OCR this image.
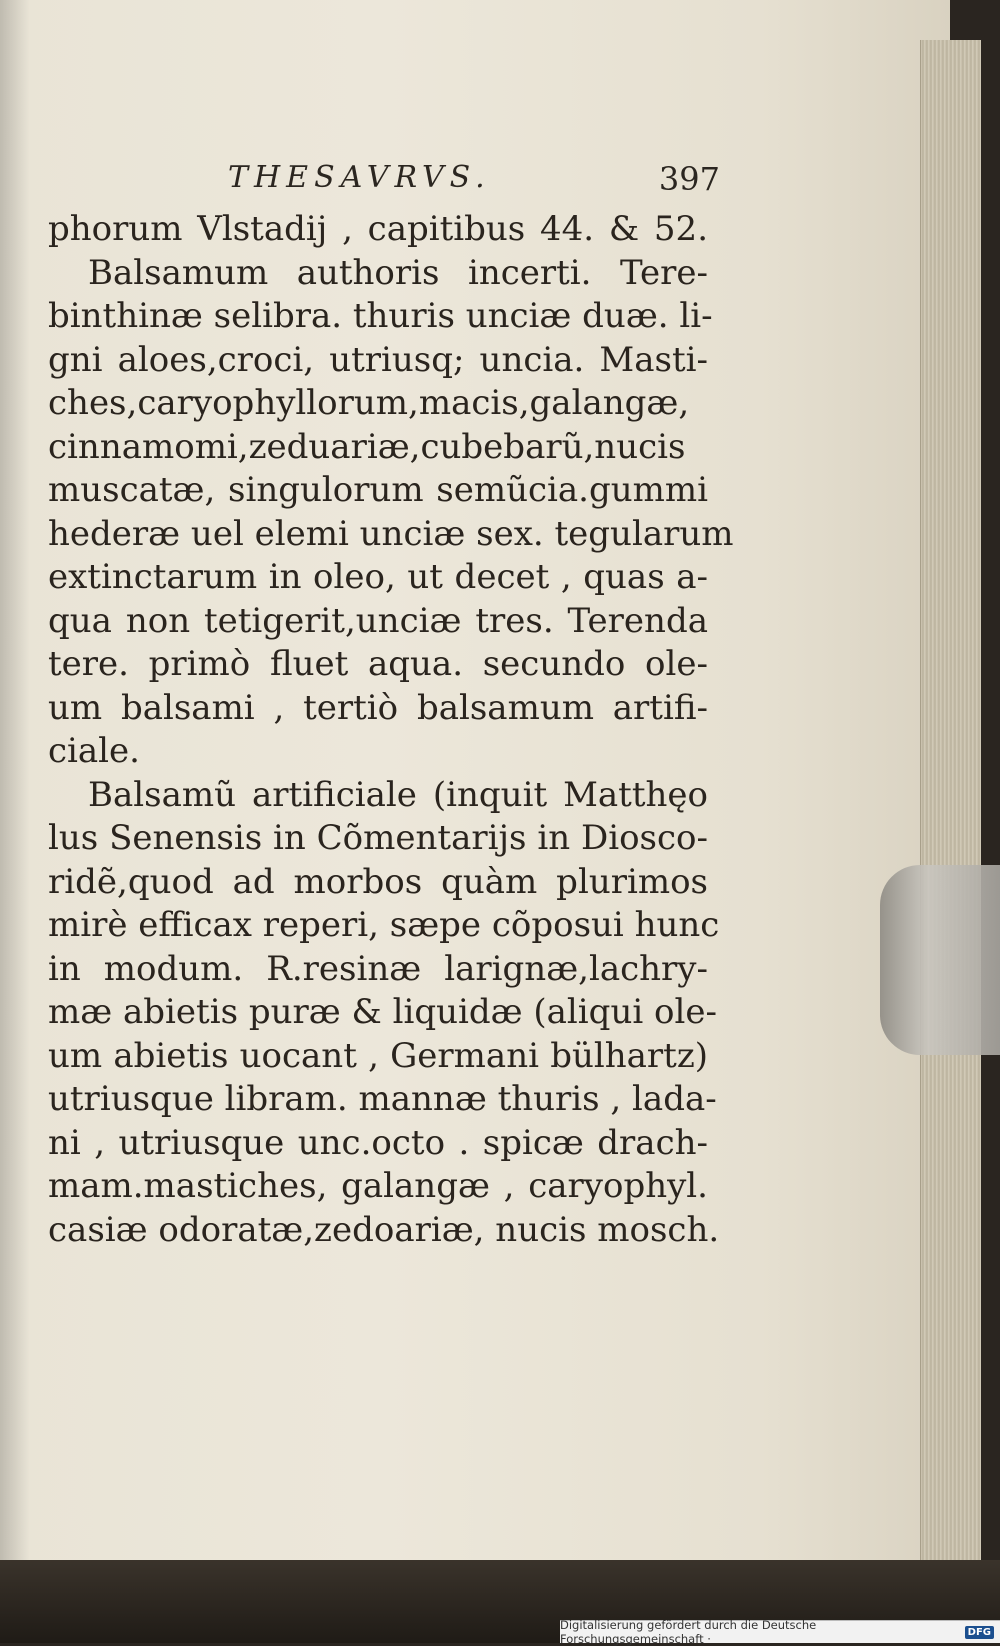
THESAVRVS.	397
phorum Vlstadij , capitibus 44. & 52.
Balsamum authoris incerti. Tere-
binthinæ selibra. thuris unciæ duæ. li-
gni aloes,croci, utriusq; uncia. Masti-
ches,caryophyllorum,macis,galangæ,
cinnamomi,zeduariæ,cubebarũ,nucis
muscatæ, singulorum semũcia.gummi
hederæ uel elemi unciæ sex. tegularum
extinctarum in oleo, ut decet , quas a-
qua non tetigerit,unciæ tres. Terenda
tere. primò fluet aqua. secundo ole-
um balsami , tertiò balsamum artifi-
ciale.
Balsamũ artificiale (inquit Matthęo
lus Senensis in Cõmentarijs in Diosco-
ridẽ,quod ad morbos quàm plurimos
mirè efficax reperi, sæpe cõposui hunc
in modum. R.resinæ larignæ,lachry-
mæ abietis puræ & liquidæ (aliqui ole-
um abietis uocant , Germani bülhartz)
utriusque libram. mannæ thuris , lada-
ni , utriusque unc.octo . spicæ drach-
mam.mastiches, galangæ , caryophyl.
casiæ odoratæ,zedoariæ, nucis mosch.
Digitalisierung gefördert durch die Deutsche Forschungsgemeinschaft ·	DFG
